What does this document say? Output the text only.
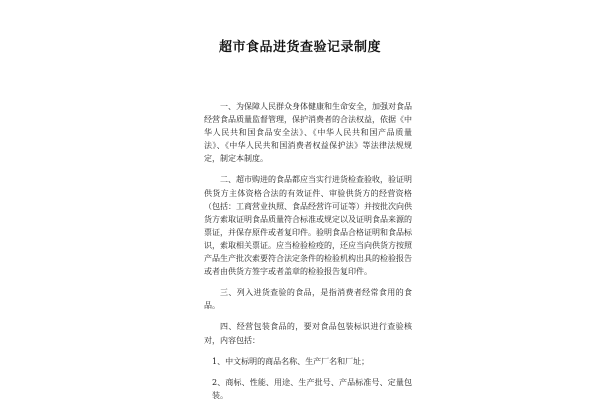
超市食品进货查验记录制度

一、为保障人民群众身体健康和生命安全，加强对食品经营食品质量监督管理，保护消费者的合法权益，依据《中华人民共和国食品安全法》、《中华人民共和国产品质量法》、《中华人民共和国消费者权益保护法》等法律法规规定，制定本制度。

二、超市购进的食品都应当实行进货检查验收，验证明供货方主体资格合法的有效证件、审验供货方的经营资格（包括：工商营业执照、食品经营许可证等）并按批次向供货方索取证明食品质量符合标准或规定以及证明食品来源的票证，并保存原件或者复印件。验明食品合格证明和食品标识，索取相关票证。应当检验检疫的，还应当向供货方按照产品生产批次索要符合法定条件的检验机构出具的检验报告或者由供货方签字或者盖章的检验报告复印件。

三、列入进货查验的食品，是指消费者经常食用的食品。

四、经营包装食品的，要对食品包装标识进行查验核对，内容包括：

1、中文标明的商品名称、生产厂名和厂址；

2、商标、性能、用途、生产批号、产品标准号、定量包装。
